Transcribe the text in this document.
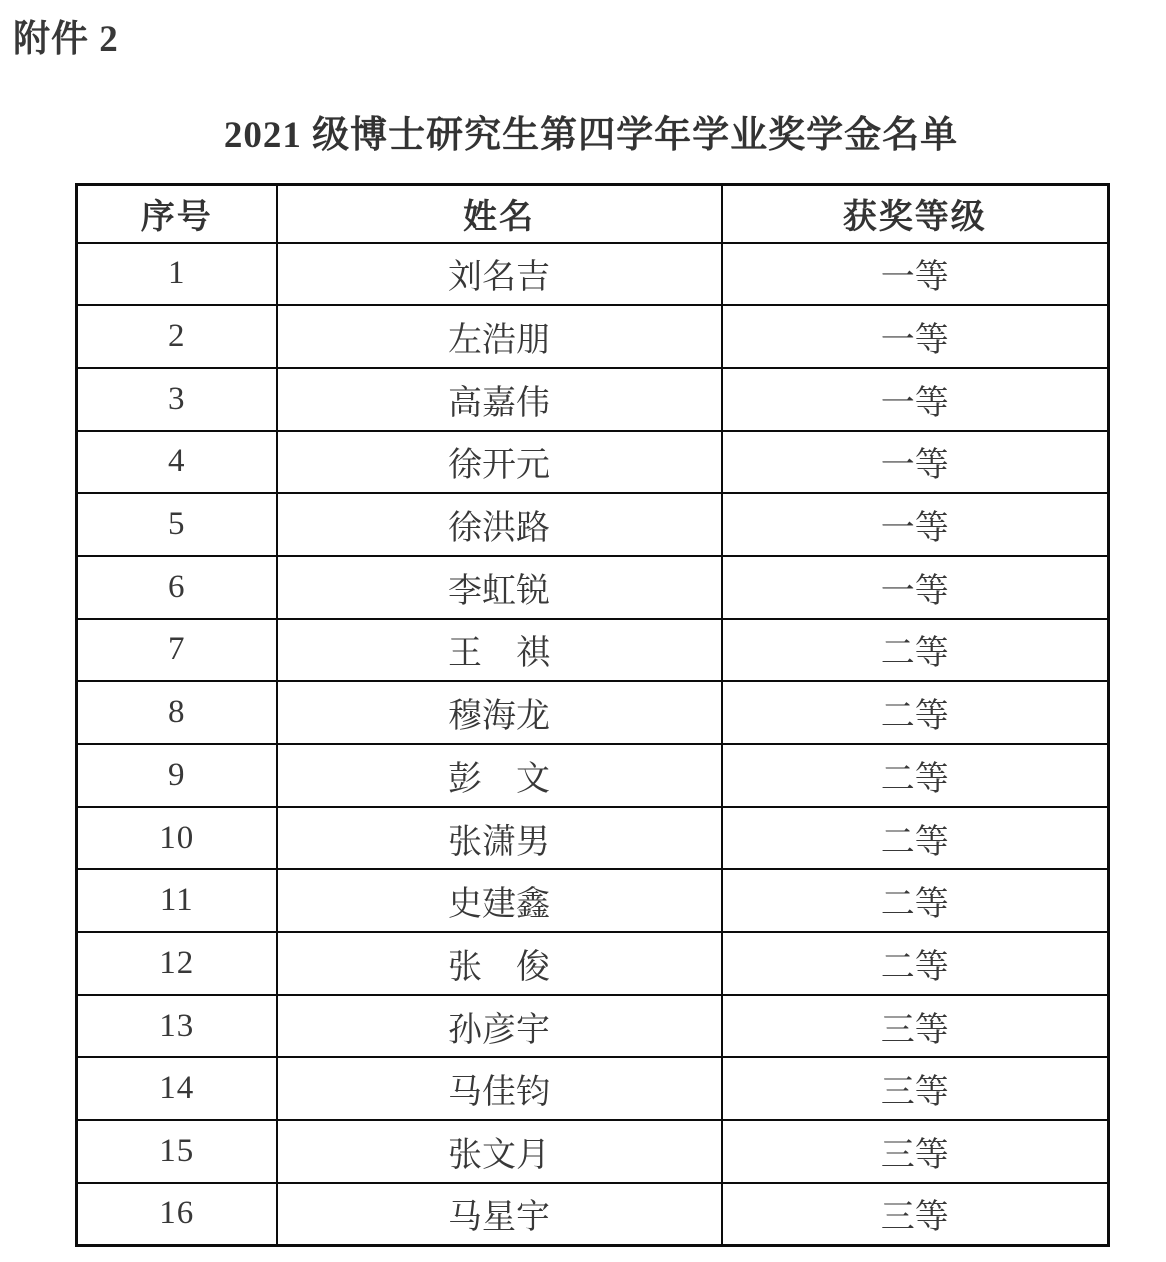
附件 2
2021 级博士研究生第四学年学业奖学金名单
序号	姓名	获奖等级
1	刘名吉	一等
2	左浩朋	一等
3	高嘉伟	一等
4	徐开元	一等
5	徐洪路	一等
6	李虹锐	一等
7	王　祺	二等
8	穆海龙	二等
9	彭　文	二等
10	张潇男	二等
11	史建鑫	二等
12	张　俊	二等
13	孙彦宇	三等
14	马佳钧	三等
15	张文月	三等
16	马星宇	三等
